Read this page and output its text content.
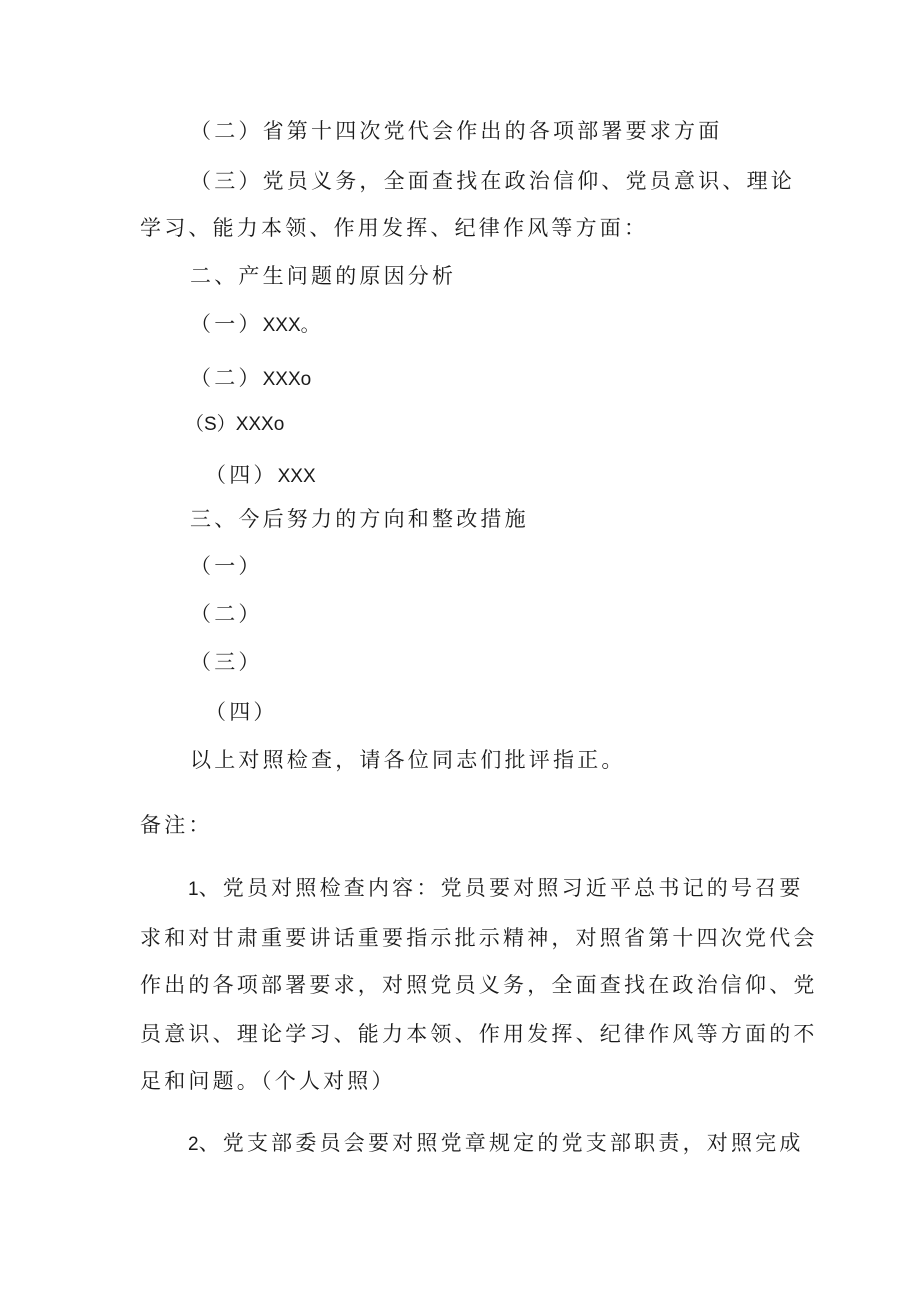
（二）省第十四次党代会作出的各项部署要求方面
（三）党员义务，全面查找在政治信仰、党员意识、理论
学习、能力本领、作用发挥、纪律作风等方面：
二、产生问题的原因分析
（一）XXX。
（二）XXXo
（S）XXXo
（四）XXX
三、今后努力的方向和整改措施
（一）
（二）
（三）
（四）
以上对照检查，请各位同志们批评指正。
备注：
1、党员对照检查内容：党员要对照习近平总书记的号召要
求和对甘肃重要讲话重要指示批示精神，对照省第十四次党代会
作出的各项部署要求，对照党员义务，全面查找在政治信仰、党
员意识、理论学习、能力本领、作用发挥、纪律作风等方面的不
足和问题。（个人对照）
2、党支部委员会要对照党章规定的党支部职责，对照完成
